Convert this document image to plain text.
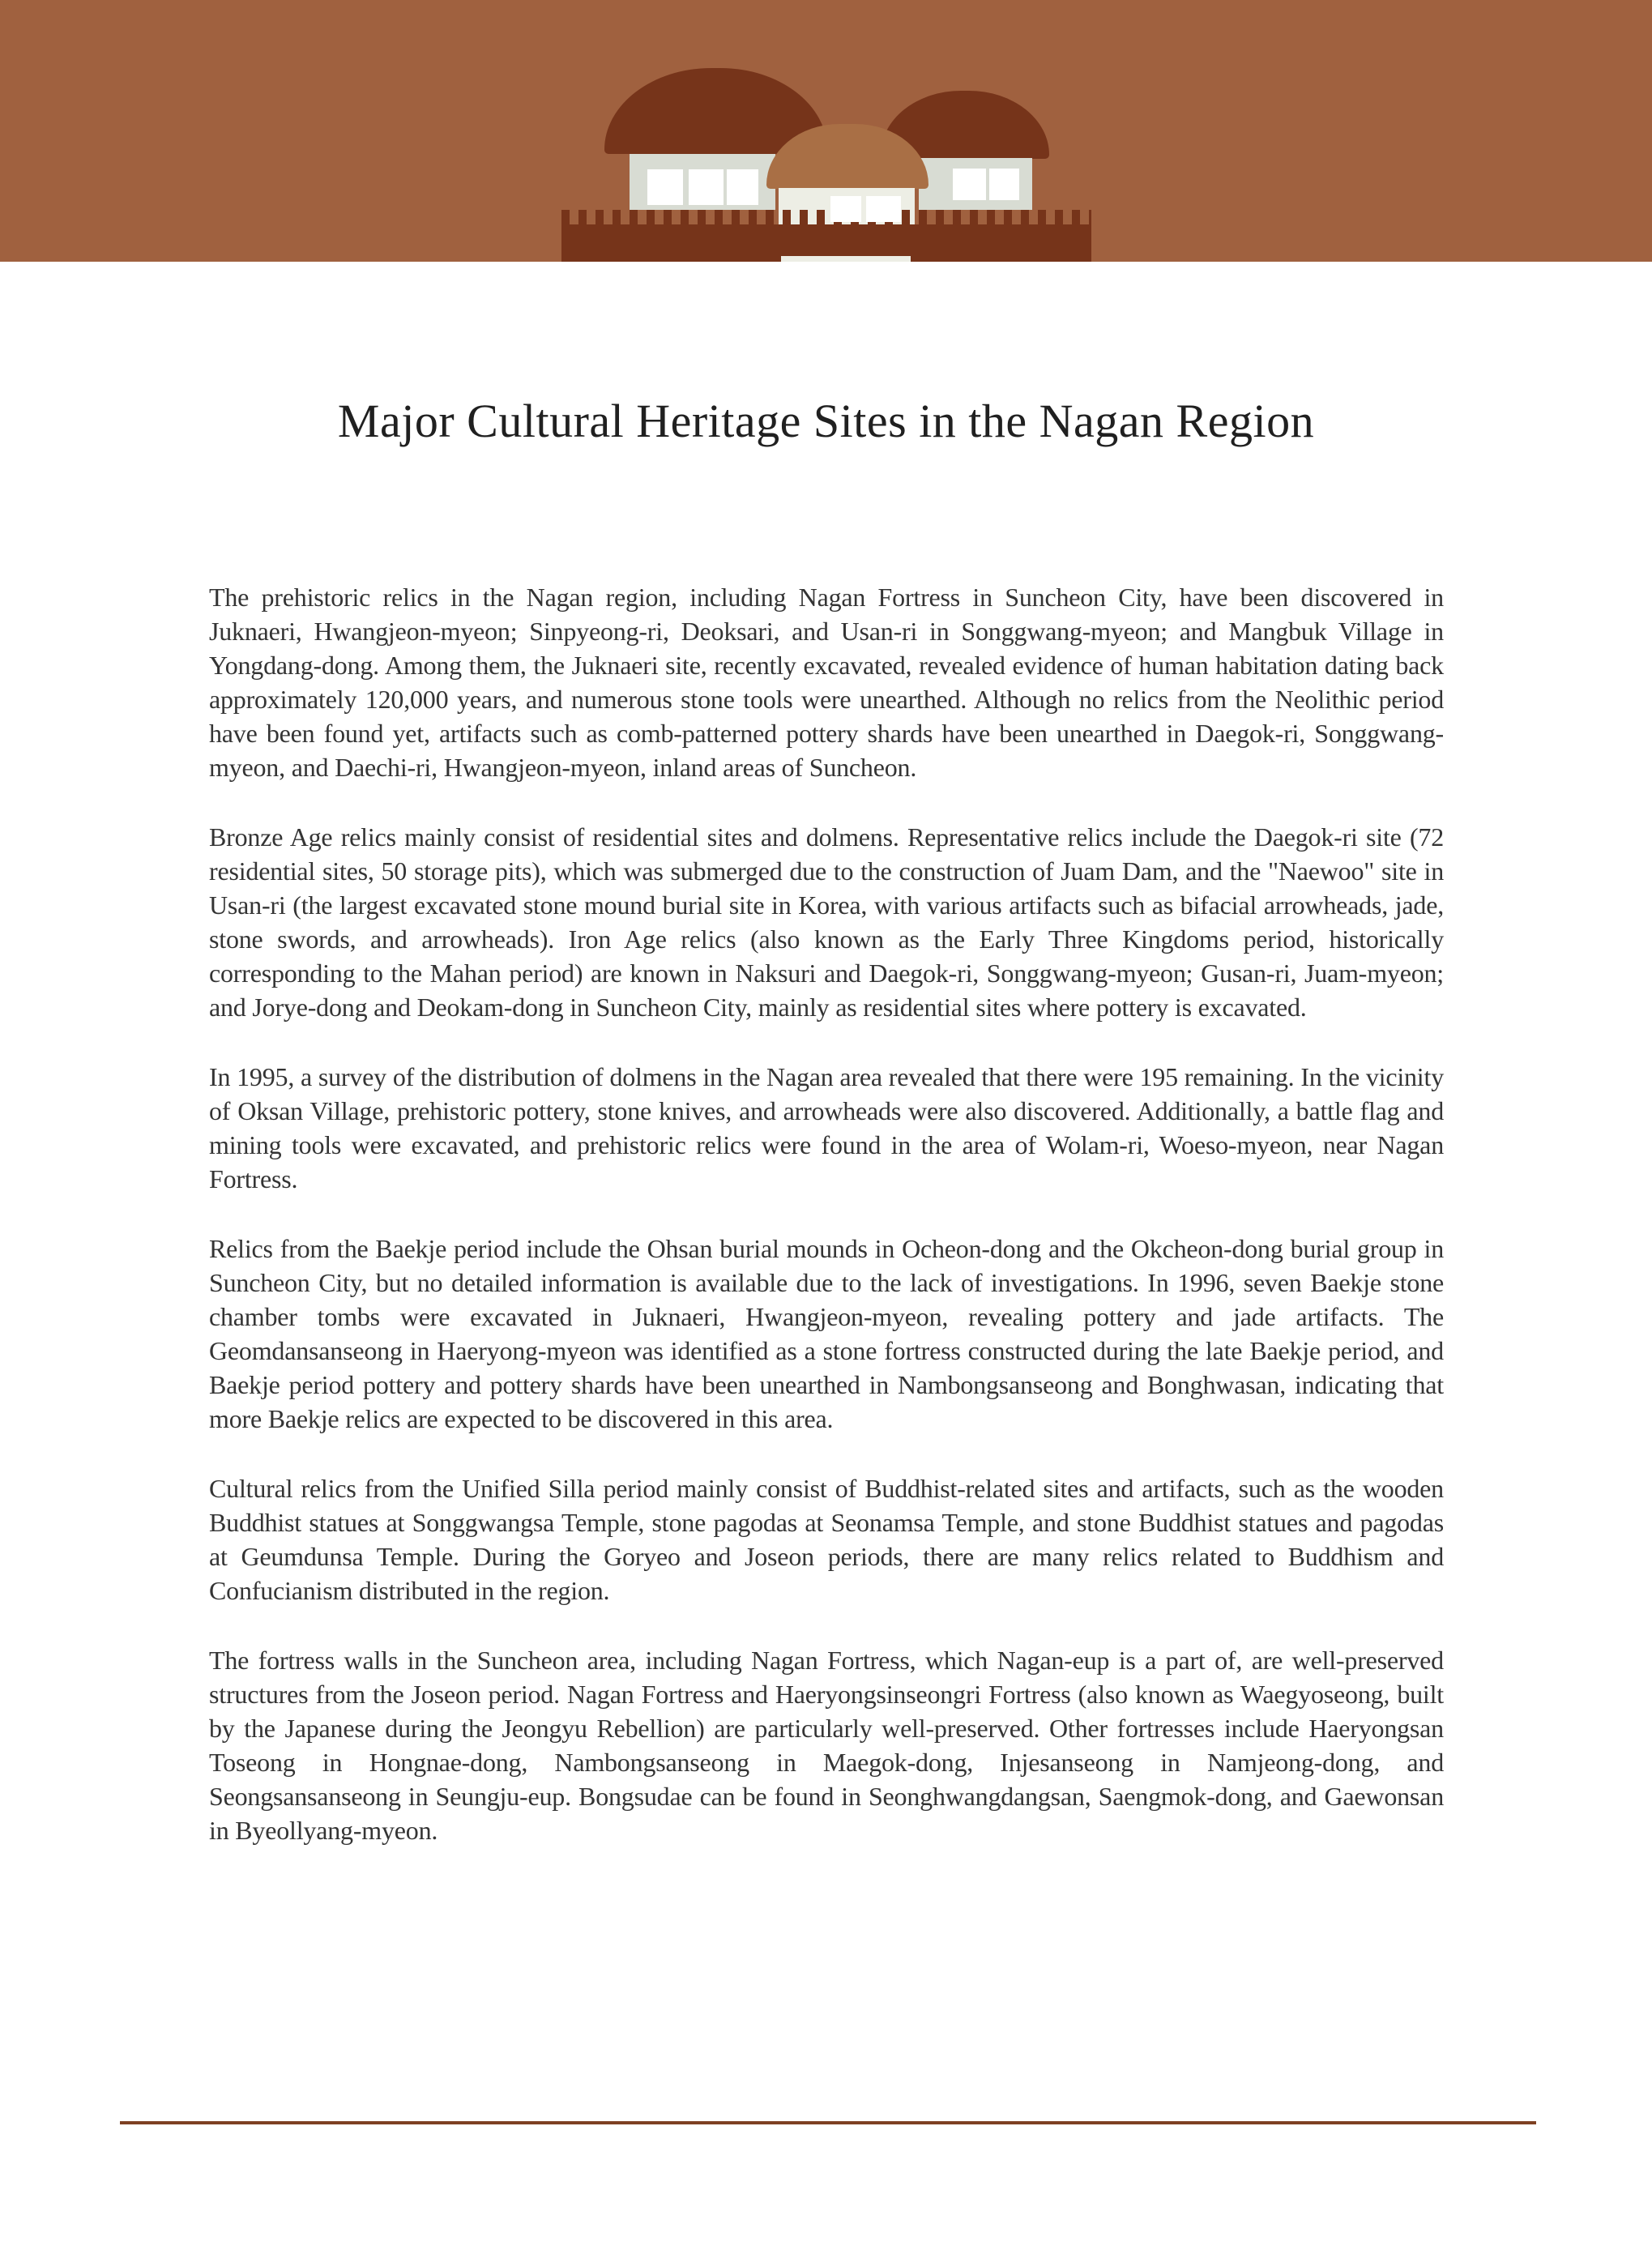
Major Cultural Heritage Sites in the Nagan Region

The prehistoric relics in the Nagan region, including Nagan Fortress in Suncheon City, have been discovered in Juknaeri, Hwangjeon-myeon; Sinpyeong-ri, Deoksari, and Usan-ri in Songgwang-myeon; and Mangbuk Village in Yongdang-dong. Among them, the Juknaeri site, recently excavated, revealed evidence of human habitation dating back approximately 120,000 years, and numerous stone tools were unearthed. Although no relics from the Neolithic period have been found yet, artifacts such as comb-patterned pottery shards have been unearthed in Daegok-ri, Songgwang-myeon, and Daechi-ri, Hwangjeon-myeon, inland areas of Suncheon.

Bronze Age relics mainly consist of residential sites and dolmens. Representative relics include the Daegok-ri site (72 residential sites, 50 storage pits), which was submerged due to the construction of Juam Dam, and the "Naewoo" site in Usan-ri (the largest excavated stone mound burial site in Korea, with various artifacts such as bifacial arrowheads, jade, stone swords, and arrowheads). Iron Age relics (also known as the Early Three Kingdoms period, historically corresponding to the Mahan period) are known in Naksuri and Daegok-ri, Songgwang-myeon; Gusan-ri, Juam-myeon; and Jorye-dong and Deokam-dong in Suncheon City, mainly as residential sites where pottery is excavated.

In 1995, a survey of the distribution of dolmens in the Nagan area revealed that there were 195 remaining. In the vicinity of Oksan Village, prehistoric pottery, stone knives, and arrowheads were also discovered. Additionally, a battle flag and mining tools were excavated, and prehistoric relics were found in the area of Wolam-ri, Woeso-myeon, near Nagan Fortress.

Relics from the Baekje period include the Ohsan burial mounds in Ocheon-dong and the Okcheon-dong burial group in Suncheon City, but no detailed information is available due to the lack of investigations. In 1996, seven Baekje stone chamber tombs were excavated in Juknaeri, Hwangjeon-myeon, revealing pottery and jade artifacts. The Geomdansanseong in Haeryong-myeon was identified as a stone fortress constructed during the late Baekje period, and Baekje period pottery and pottery shards have been unearthed in Nambongsanseong and Bonghwasan, indicating that more Baekje relics are expected to be discovered in this area.

Cultural relics from the Unified Silla period mainly consist of Buddhist-related sites and artifacts, such as the wooden Buddhist statues at Songgwangsa Temple, stone pagodas at Seonamsa Temple, and stone Buddhist statues and pagodas at Geumdunsa Temple. During the Goryeo and Joseon periods, there are many relics related to Buddhism and Confucianism distributed in the region.

The fortress walls in the Suncheon area, including Nagan Fortress, which Nagan-eup is a part of, are well-preserved structures from the Joseon period. Nagan Fortress and Haeryongsinseongri Fortress (also known as Waegyoseong, built by the Japanese during the Jeongyu Rebellion) are particularly well-preserved. Other fortresses include Haeryongsan Toseong in Hongnae-dong, Nambongsanseong in Maegok-dong, Injesanseong in Namjeong-dong, and Seongsansanseong in Seungju-eup. Bongsudae can be found in Seonghwangdangsan, Saengmok-dong, and Gaewonsan in Byeollyang-myeon.
